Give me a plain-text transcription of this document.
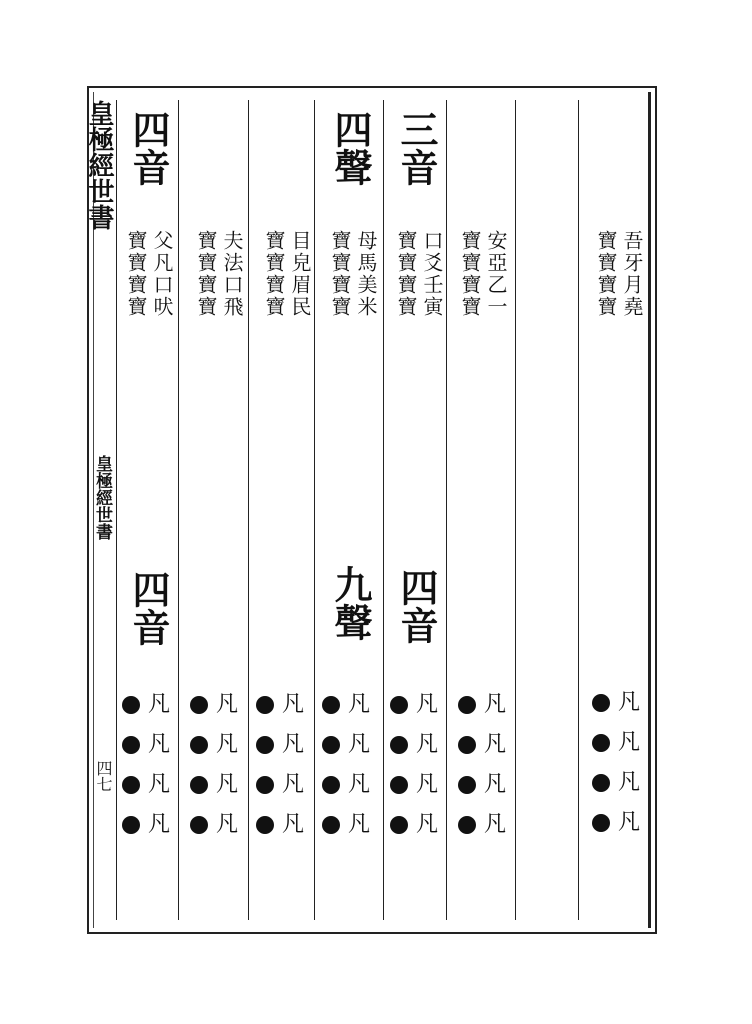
皇極經世書
皇極經世書
四七
吾牙月堯
寶寶寶寶
凡
凡
凡
凡
安亞乙一
寶寶寶寶
凡
凡
凡
凡
三音
口爻壬寅
寶寶寶寶
四音
凡
凡
凡
凡
四聲
母馬美米
寶寶寶寶
九聲
凡
凡
凡
凡
目皃眉民
寶寶寶寶
凡
凡
凡
凡
夫法口飛
寶寶寶寶
凡
凡
凡
凡
四音
父凡口吠
寶寶寶寶
四音
凡
凡
凡
凡
